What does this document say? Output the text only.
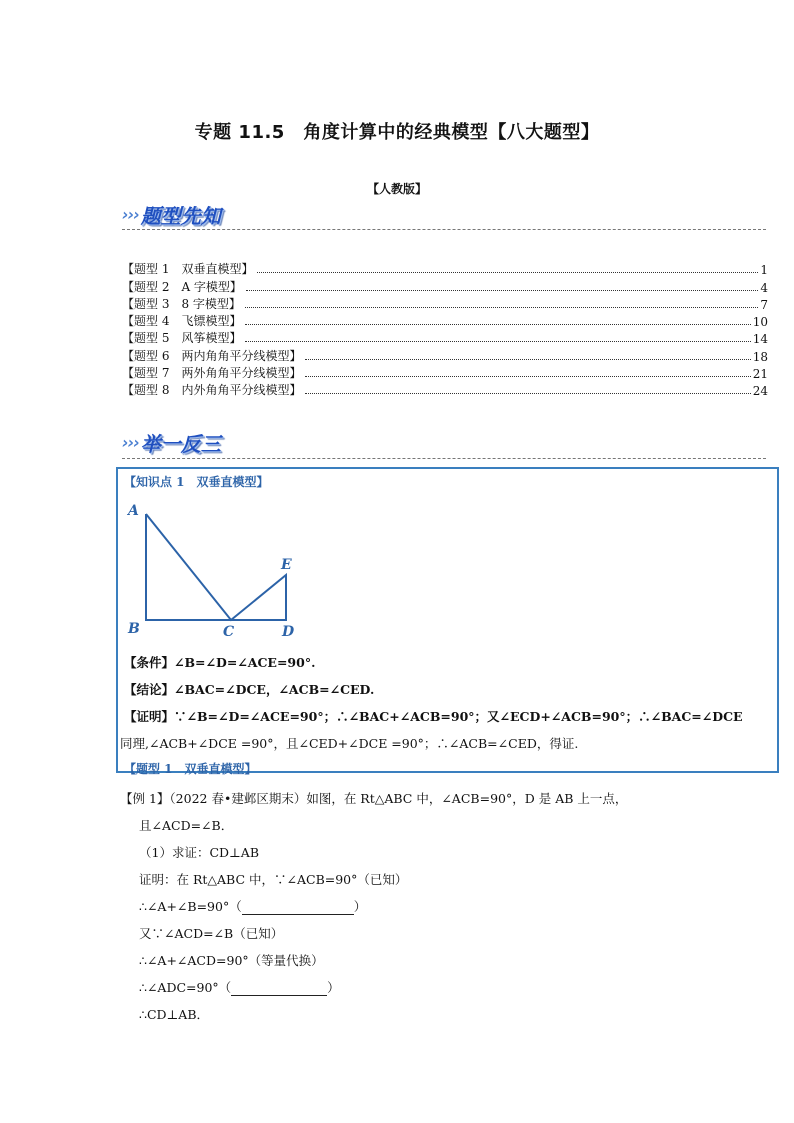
专题 11.5　角度计算中的经典模型【八大题型】
【人教版】
››› 题型先知
【题型 1　双垂直模型】	1
【题型 2　A 字模型】	4
【题型 3　8 字模型】	7
【题型 4　飞镖模型】	10
【题型 5　风筝模型】	14
【题型 6　两内角角平分线模型】	18
【题型 7　两外角角平分线模型】	21
【题型 8　内外角角平分线模型】	24
››› 举一反三
【知识点 1　双垂直模型】
A
B	C	D
E
【条件】∠B=∠D=∠ACE=90°.
【结论】∠BAC=∠DCE，∠ACB=∠CED.
【证明】∵∠B=∠D=∠ACE=90°；∴∠BAC+∠ACB=90°；又∠ECD+∠ACB=90°；∴∠BAC=∠DCE
同理,∠ACB+∠DCE =90°，且∠CED+∠DCE =90°；∴∠ACB=∠CED，得证.
【题型 1　双垂直模型】
【例 1】（2022 春•建邺区期末）如图，在 Rt△ABC 中，∠ACB=90°，D 是 AB 上一点，
且∠ACD=∠B．
（1）求证：CD⊥AB
证明：在 Rt△ABC 中，∵∠ACB=90°（已知）
∴∠A+∠B=90°（	）
又∵∠ACD=∠B（已知）
∴∠A+∠ACD=90°（等量代换）
∴∠ADC=90°（	）
∴CD⊥AB．
